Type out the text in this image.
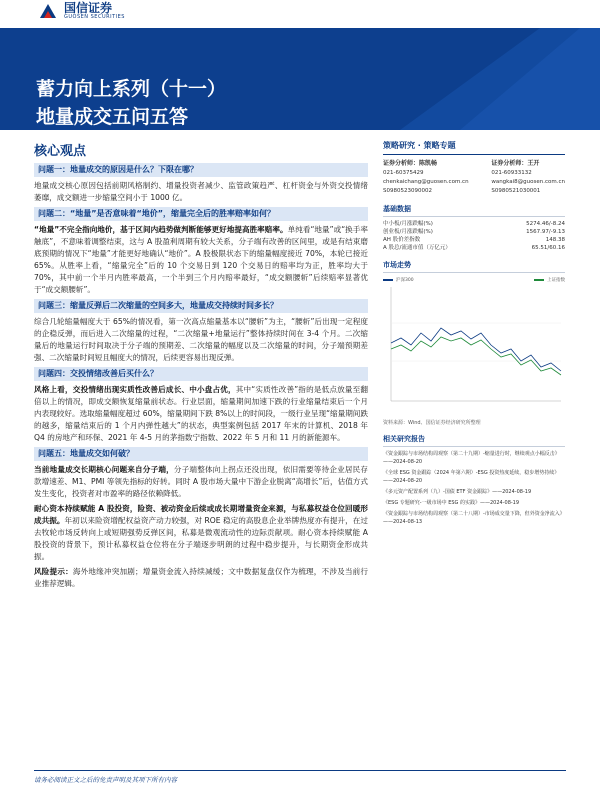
国信证券
GUOSEN SECURITIES
蓄力向上系列（十一）
地量成交五问五答
核心观点
问题一：地量成交的原因是什么？下限在哪？

地量成交核心原因包括前期风格制约、增量投资者减少、监管政策趋严、杠杆资金与外资交投情绪萎靡，成交额进一步缩量空间小于 1000 亿。

问题二：“地量”是否意味着“地价”，缩量完全后的胜率赔率如何？

“地量”不完全指向地价，基于区间内趋势做判断能够更好地提高胜率赔率。单纯看“地量”或“换手率触底”，不意味着调整结束，这与 A 股盈利周期有较大关系，分子端有改善的区间里，或是有结束磨底预期的情况下“地量”才能更好地确认“地价”。A 股极限状态下的缩量幅度接近 70%，本轮已接近 65%。从胜率上看，“缩量完全”后的 10 个交易日到 120 个交易日的赔率均为正，胜率均大于 70%，其中前一个半月内胜率最高，一个半到三个月内赔率最好，“成交额腰斩”后续赔率显著优于“成交额腰斩”。

问题三：缩量反弹后二次缩量的空间多大，地量成交持续时间多长？

综合几轮缩量幅度大于 65%的情况看，第一次高点缩量基本以“腰斩”为主，“腰斩”后出现一定程度的企稳反弹，而后进入二次缩量的过程，“二次缩量+地量运行”整体持续时间在 3-4 个月。二次缩量后的地量运行时间取决于分子端的预期差、二次缩量的幅度以及二次缩量的时间，分子端预期差强、二次缩量时间短且幅度大的情况，后续更容易出现反弹。

问题四：交投情绪改善后买什么？

风格上看，交投情绪出现实质性改善后成长、中小盘占优，其中“实质性改善”指的是低点放量至翻倍以上的情况，即成交额恢复缩量前状态。行业层面，缩量期间加速下跌的行业缩量结束后一个月内表现较好。选取缩量幅度超过 60%，缩量期间下跌 8%以上的时间段，一级行业呈现“缩量期间跌的越多，缩量结束后的 1 个月内弹性越大”的状态，典型案例包括 2017 年末的计算机、2018 年 Q4 的房地产和环保、2021 年 4-5 月的茅指数宁指数、2022 年 5 月和 11 月的新能源车。

问题五：地量成交如何破？

当前地量成交长期核心问题来自分子端，分子端整体向上拐点还没出现，依旧需要等待企业居民存款增速差、M1、PMI 等领先指标的好转。同时 A 股市场大量中下游企业脱离“高增长”后，估值方式发生变化，投资者对市盈率的路径依赖降低。

耐心资本持续赋能 A 股投资，险资、被动资金后续或成长期增量资金来源，与私募权益仓位回暖形成共振。年初以来险资增配权益资产动力较强，对 ROE 稳定的高股息企业举牌热度亦有提升，在过去牧轮市场反转向上或短期强势反弹区间，私募是微观流动性的边际贡献项。耐心资本持续赋能 A 股投资的背景下，预计私募权益仓位将在分子端逐步明朗的过程中稳步提升，与长期资金形成共振。

风险提示：海外地缘冲突加剧；增量资金流入持续减缓；文中数据复盘仅作为梳理，不涉及当前行业推荐逻辑。

策略研究 · 策略专题
证券分析师：陈凯畅
021-60375429
chenkaichang@guosen.com.cn
S0980523090002
证券分析师：王开
021-60933132
wangkai8@guosen.com.cn
S0980521030001
基础数据
中小板/月涨跌幅(%)	5274.46/-8.24
创业板/月涨跌幅(%)	1567.97/-9.13
AH 股价差指数	148.38
A 股总/流通市值（万亿元）	65.51/60.16
市场走势
沪深300	上证指数
资料来源：Wind、国信证券经济研究所整理
相关研究报告
《资金跟踪与市场结构周观察（第二十九期）-缩量进行时，继续观点小幅反击》——2024-08-20
《全球 ESG 资金跟踪（2024 年第六期）-ESG 投资热度延续，稳步增势持续》——2024-08-20
《多元资产配置系列（九）-国债 ETF 资金跟踪》——2024-08-19
《ESG 专题研究-一级市场中 ESG 的实践》——2024-08-19
《资金跟踪与市场结构周观察（第二十八期）-市场成交量下降，但外资金净流入》——2024-08-13
请务必阅读正文之后的免责声明及其项下所有内容
